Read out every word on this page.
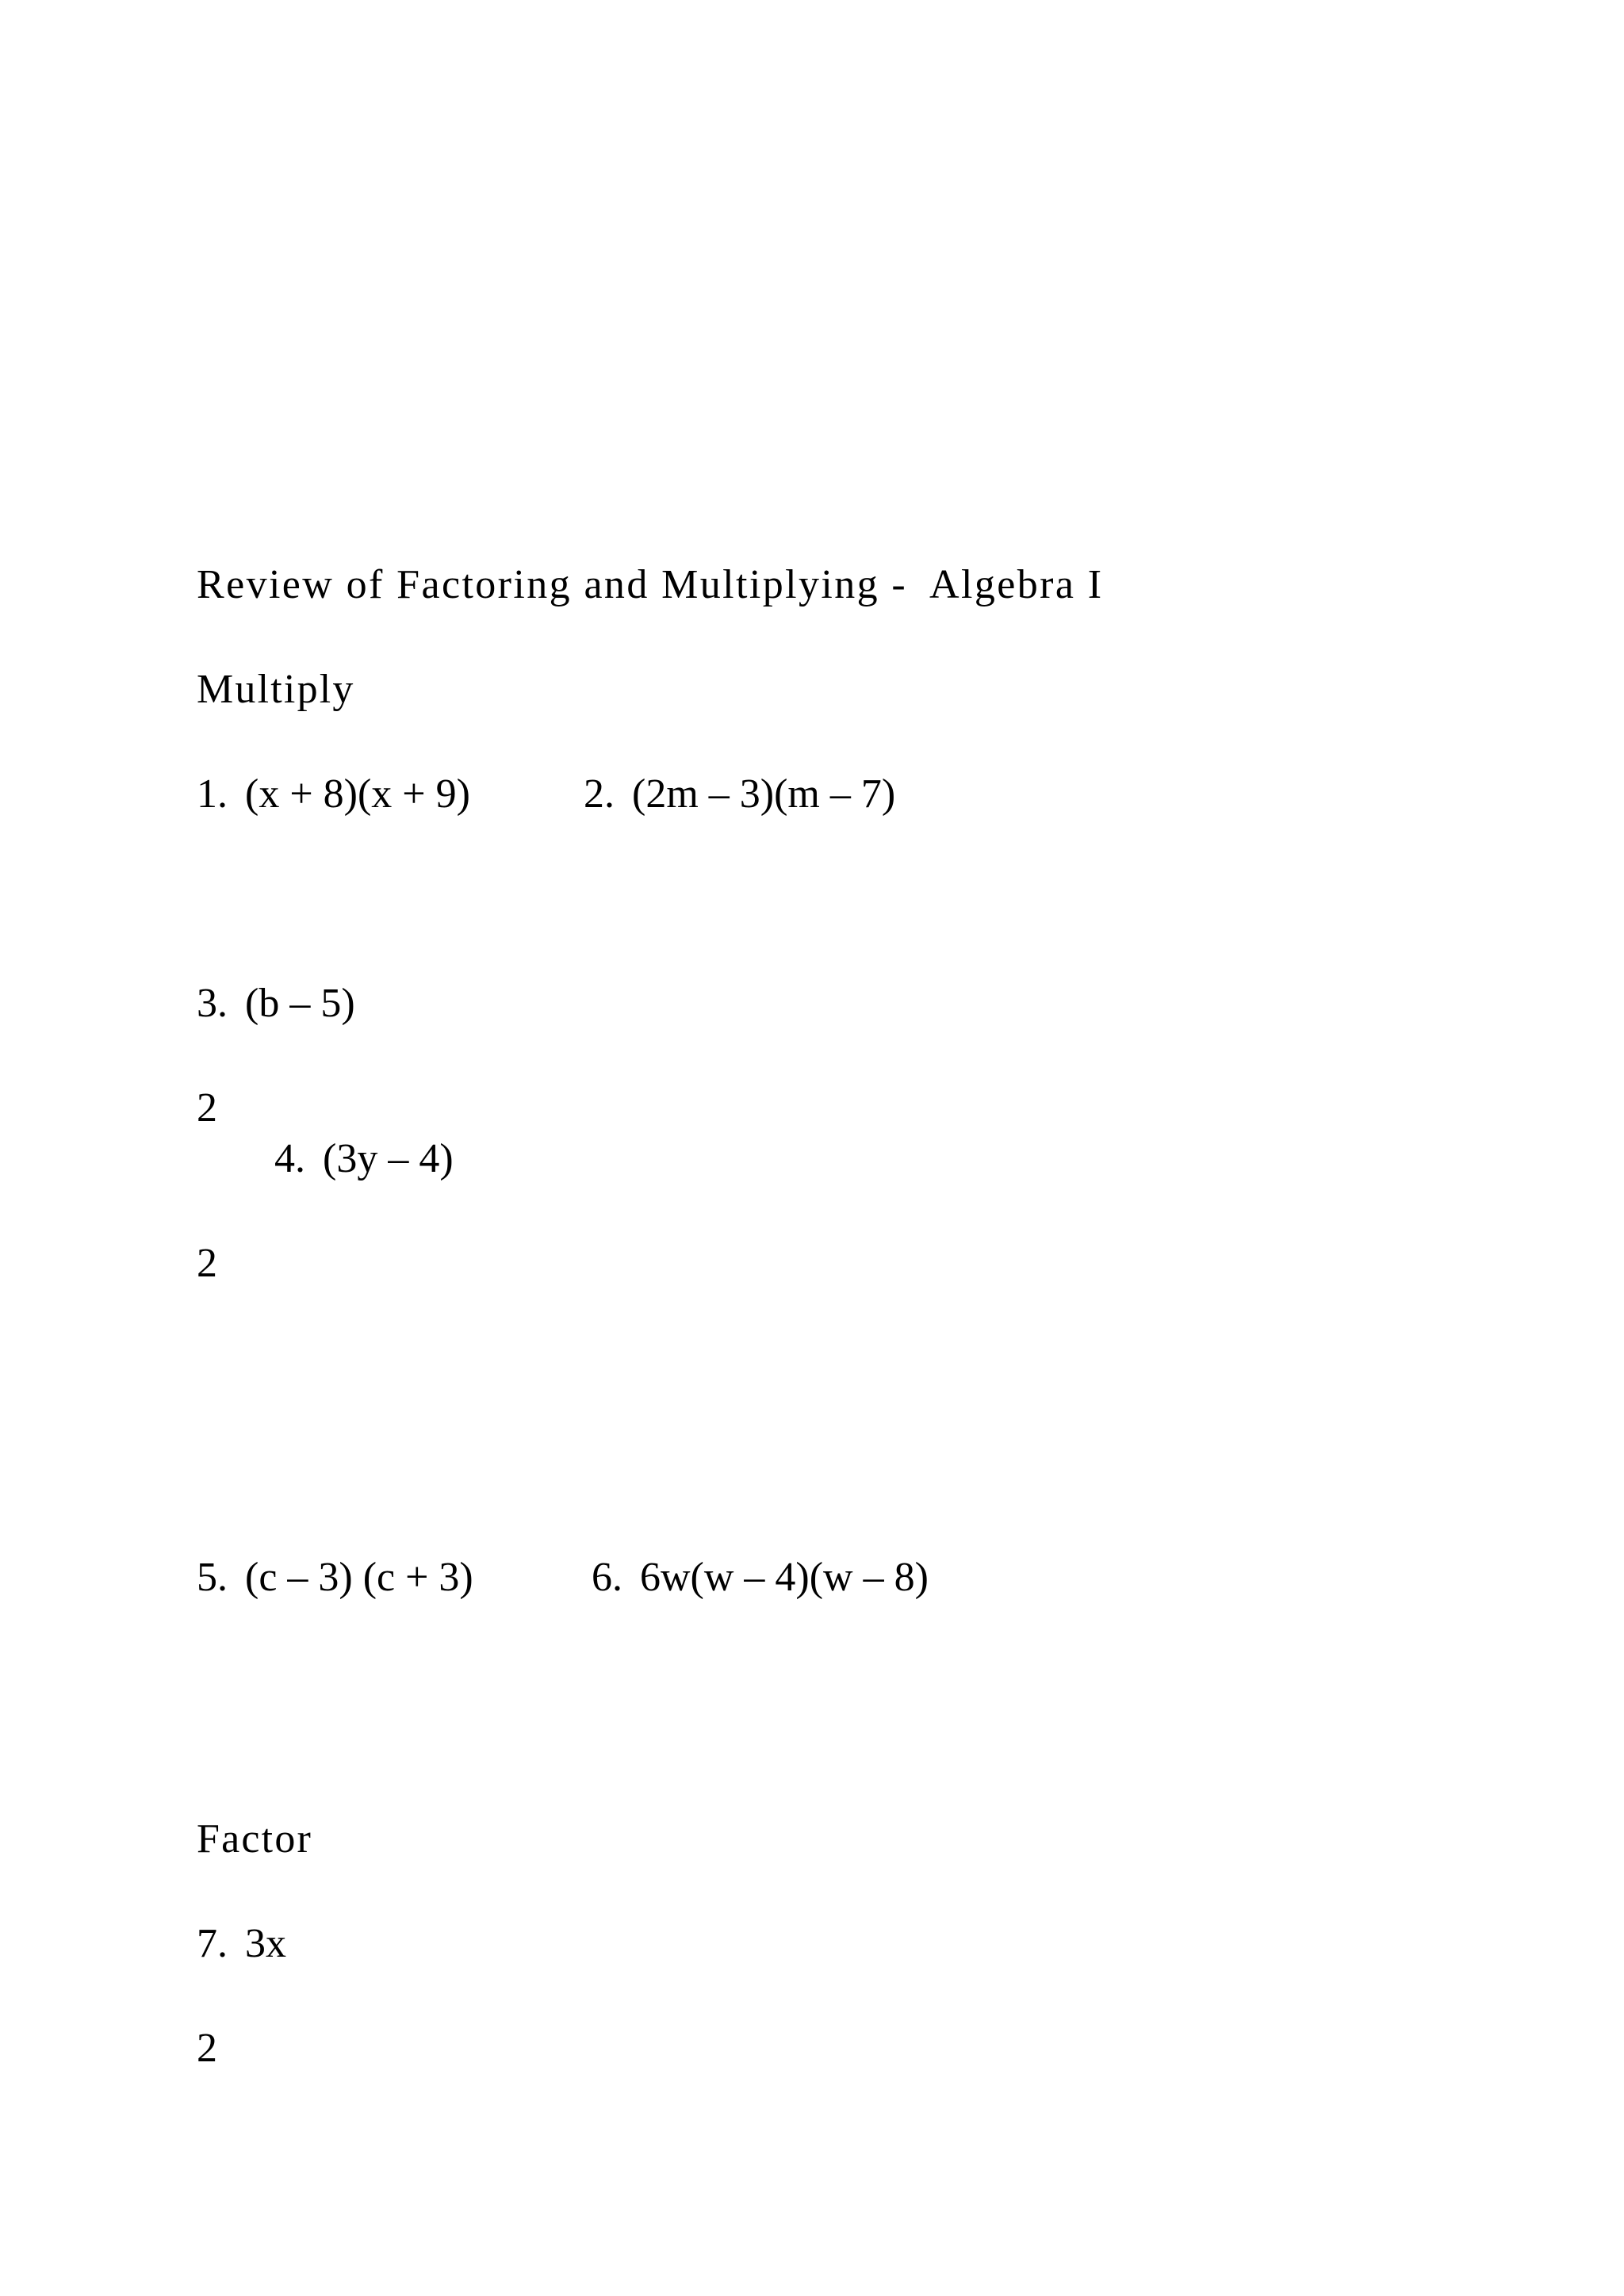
Review of Factoring and Multiplying -  Algebra I

Multiply

1. (x + 8)(x + 9)	2. (2m – 3)(m – 7)

3. (b – 5)

2

4. (3y – 4)

2

5. (c – 3) (c + 3)	6. 6w(w – 4)(w – 8)

Factor

7. 3x

2
